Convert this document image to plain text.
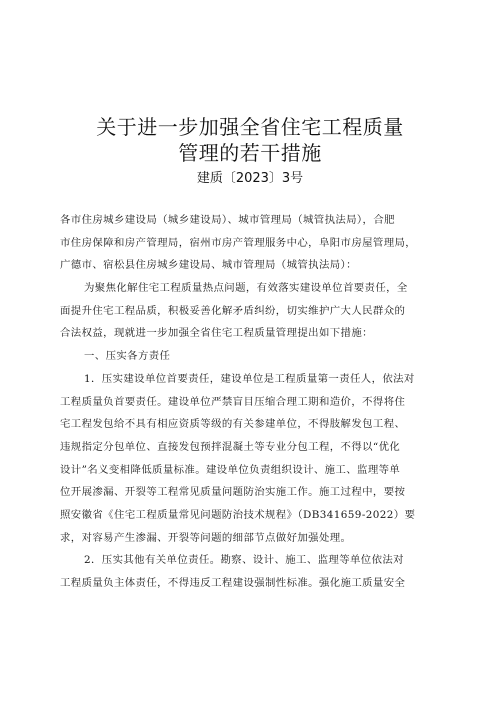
关于进一步加强全省住宅工程质量
管理的若干措施
建质〔2023〕3号
各市住房城乡建设局（城乡建设局）、城市管理局（城管执法局），合肥
市住房保障和房产管理局，宿州市房产管理服务中心，阜阳市房屋管理局，
广德市、宿松县住房城乡建设局、城市管理局（城管执法局）：
为聚焦化解住宅工程质量热点问题，有效落实建设单位首要责任，全
面提升住宅工程品质，积极妥善化解矛盾纠纷，切实维护广大人民群众的
合法权益，现就进一步加强全省住宅工程质量管理提出如下措施：
一、压实各方责任
1．压实建设单位首要责任，建设单位是工程质量第一责任人，依法对
工程质量负首要责任。建设单位严禁盲目压缩合理工期和造价，不得将住
宅工程发包给不具有相应资质等级的有关参建单位，不得肢解发包工程、
违规指定分包单位、直接发包预拌混凝土等专业分包工程，不得以“优化
设计”名义变相降低质量标准。建设单位负责组织设计、施工、监理等单
位开展渗漏、开裂等工程常见质量问题防治实施工作。施工过程中，要按
照安徽省《住宅工程质量常见问题防治技术规程》（DB341659-2022）要
求，对容易产生渗漏、开裂等问题的细部节点做好加强处理。
2．压实其他有关单位责任。勘察、设计、施工、监理等单位依法对
工程质量负主体责任，不得违反工程建设强制性标准。强化施工质量安全
